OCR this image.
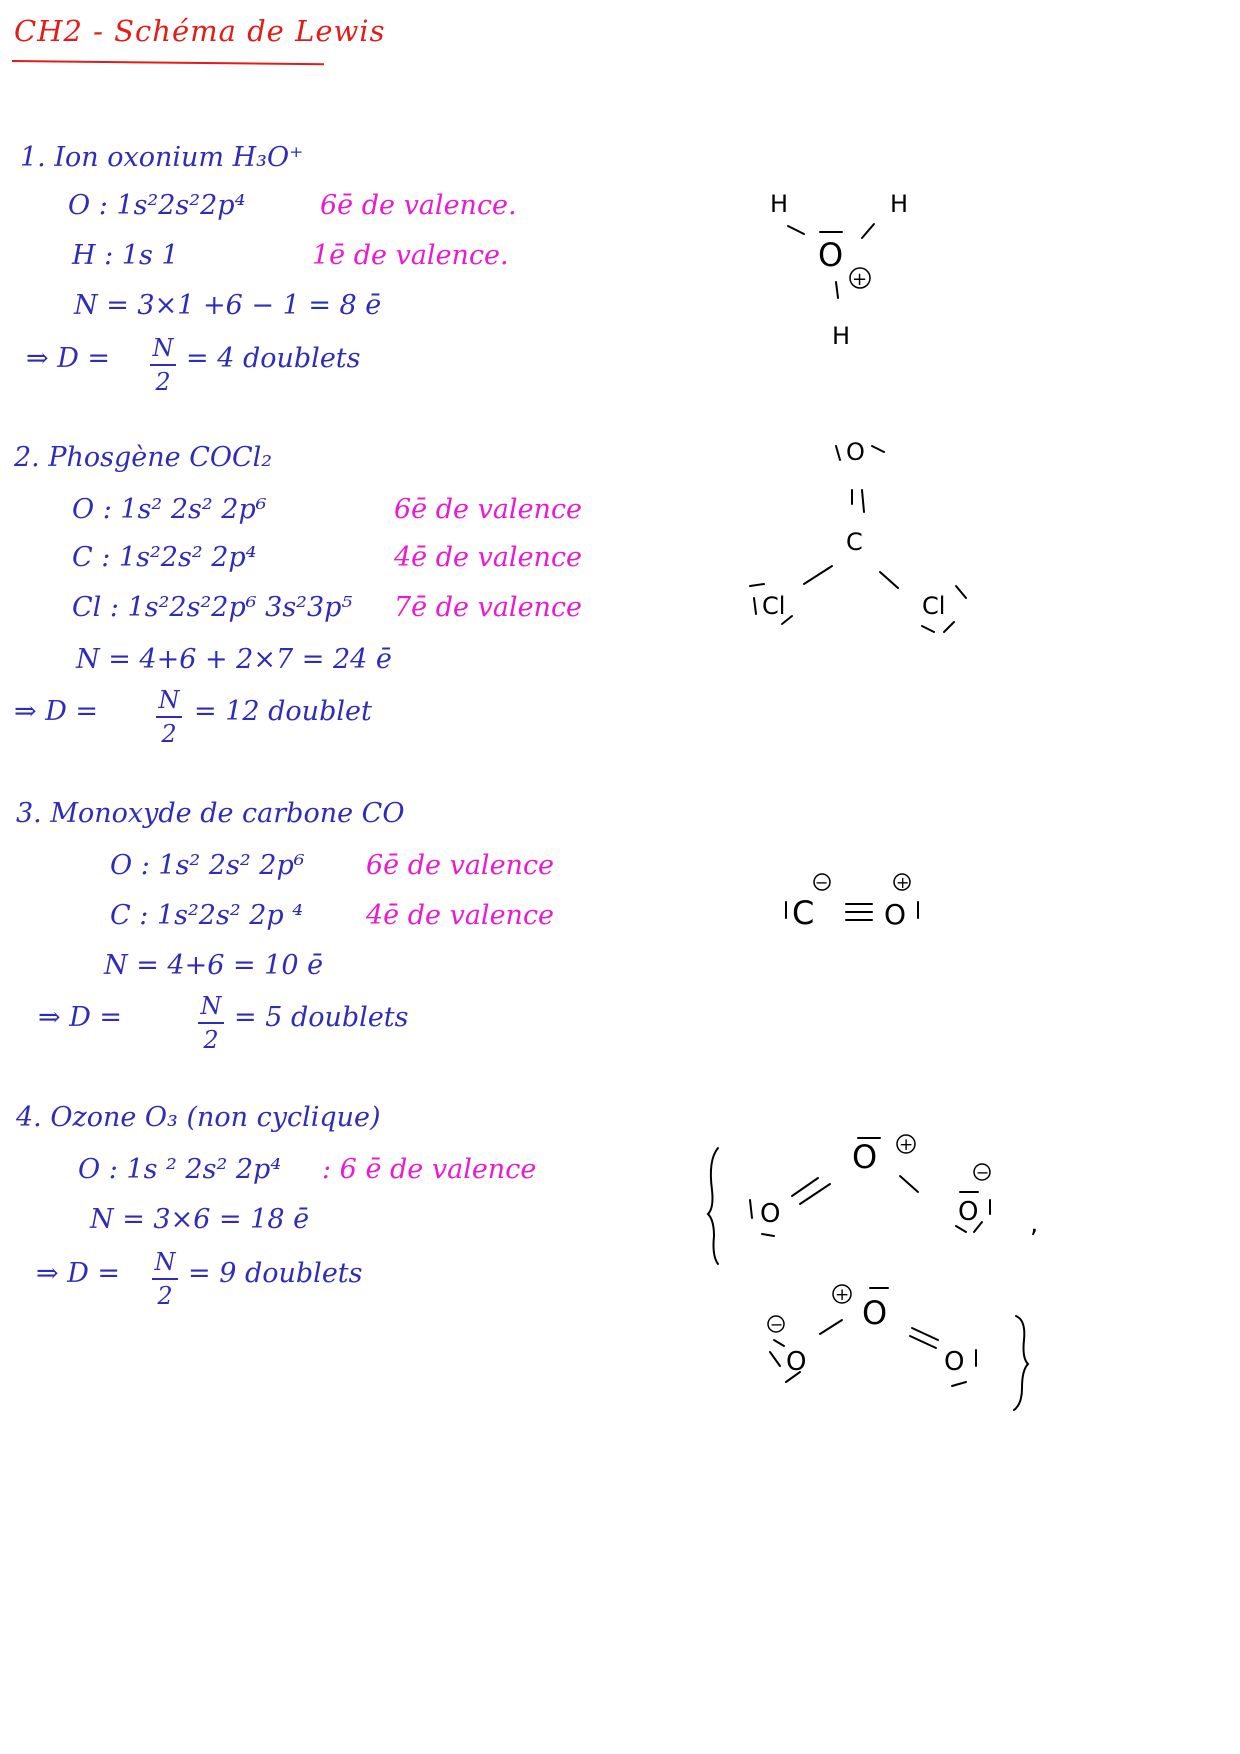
CH2 - Schéma de Lewis
1. Ion oxonium H₃O⁺
O : 1s²2s²2p⁴	6ē de valence.
H : 1s 1	1ē de valence.
N = 3×1 +6 − 1 = 8 ē
⇒ D = N
2
= 4 doublets
2. Phosgène COCl₂
O : 1s² 2s² 2p⁶	6ē de valence
C : 1s²2s² 2p⁴	4ē de valence
Cl : 1s²2s²2p⁶ 3s²3p⁵ 7ē de valence
N = 4+6 + 2×7 = 24 ē
⇒ D =	N
2
= 12 doublet
3. Monoxyde de carbone CO
O : 1s² 2s² 2p⁶ 6ē de valence
C : 1s²2s² 2p ⁴ 4ē de valence
N = 4+6 = 10 ē
⇒ D =	N
2
= 5 doublets
4. Ozone O₃ (non cyclique)
O : 1s ² 2s² 2p⁴ : 6 ē de valence
N = 3×6 = 18 ē
⇒ D = N
2
= 9 doublets
H	H
H
O
+
O
C
Cl	Cl
C O
−	+
O
O +
−
O ,
+ O
−
O	O
